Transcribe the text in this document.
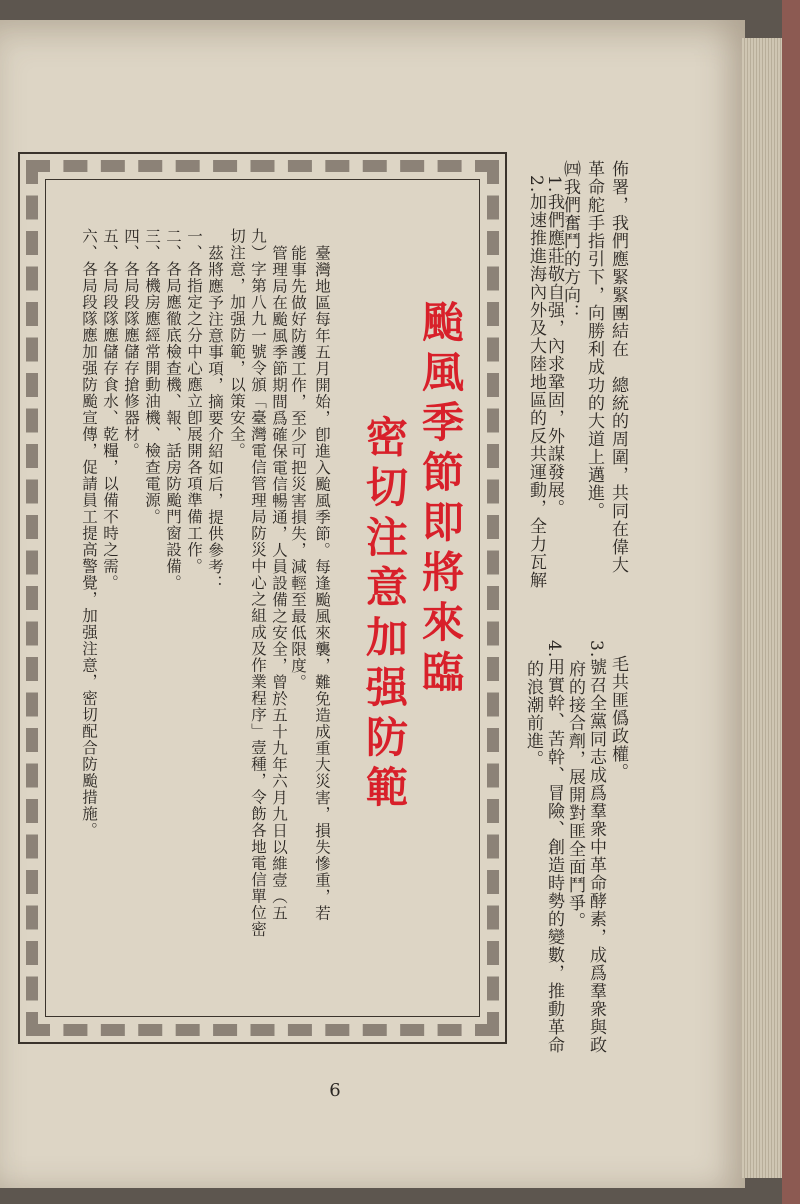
佈署，我們應緊緊團結在　總統的周圍，共同在偉大
革命舵手指引下，向勝利成功的大道上邁進。
㈣我們奮鬥的方向：
1.我們應莊敬自强，內求鞏固，外謀發展。
2.加速推進海內外及大陸地區的反共運動，全力瓦解
毛共匪僞政權。
3.號召全黨同志成爲羣衆中革命酵素，成爲羣衆與政
府的接合劑，展開對匪全面鬥爭。
4.用實幹、苦幹、冒險、創造時勢的變數，推動革命
的浪潮前進。
颱風季節即將來臨
密切注意加强防範
臺灣地區每年五月開始，卽進入颱風季節。每逢颱風來襲，難免造成重大災害，損失慘重，若
能事先做好防護工作，至少可把災害損失，減輕至最低限度。
管理局在颱風季節期間爲確保電信暢通，人員設備之安全，曾於五十九年六月九日以維壹（五
九）字第八九一號令頒「臺灣電信管理局防災中心之組成及作業程序」壹種，令飭各地電信單位密
切注意，加强防範，以策安全。
茲將應予注意事項，摘要介紹如后，提供參考：
一、各指定之分中心應立卽展開各項準備工作。
二、各局應徹底檢查機、報、話房防颱門窗設備。
三、各機房應經常開動油機、檢查電源。
四、各局段隊應儲存搶修器材。
五、各局段隊應儲存食水、乾糧，以備不時之需。
六、各局段隊應加强防颱宣傳，促請員工提高警覺，加强注意，密切配合防颱措施。
6
